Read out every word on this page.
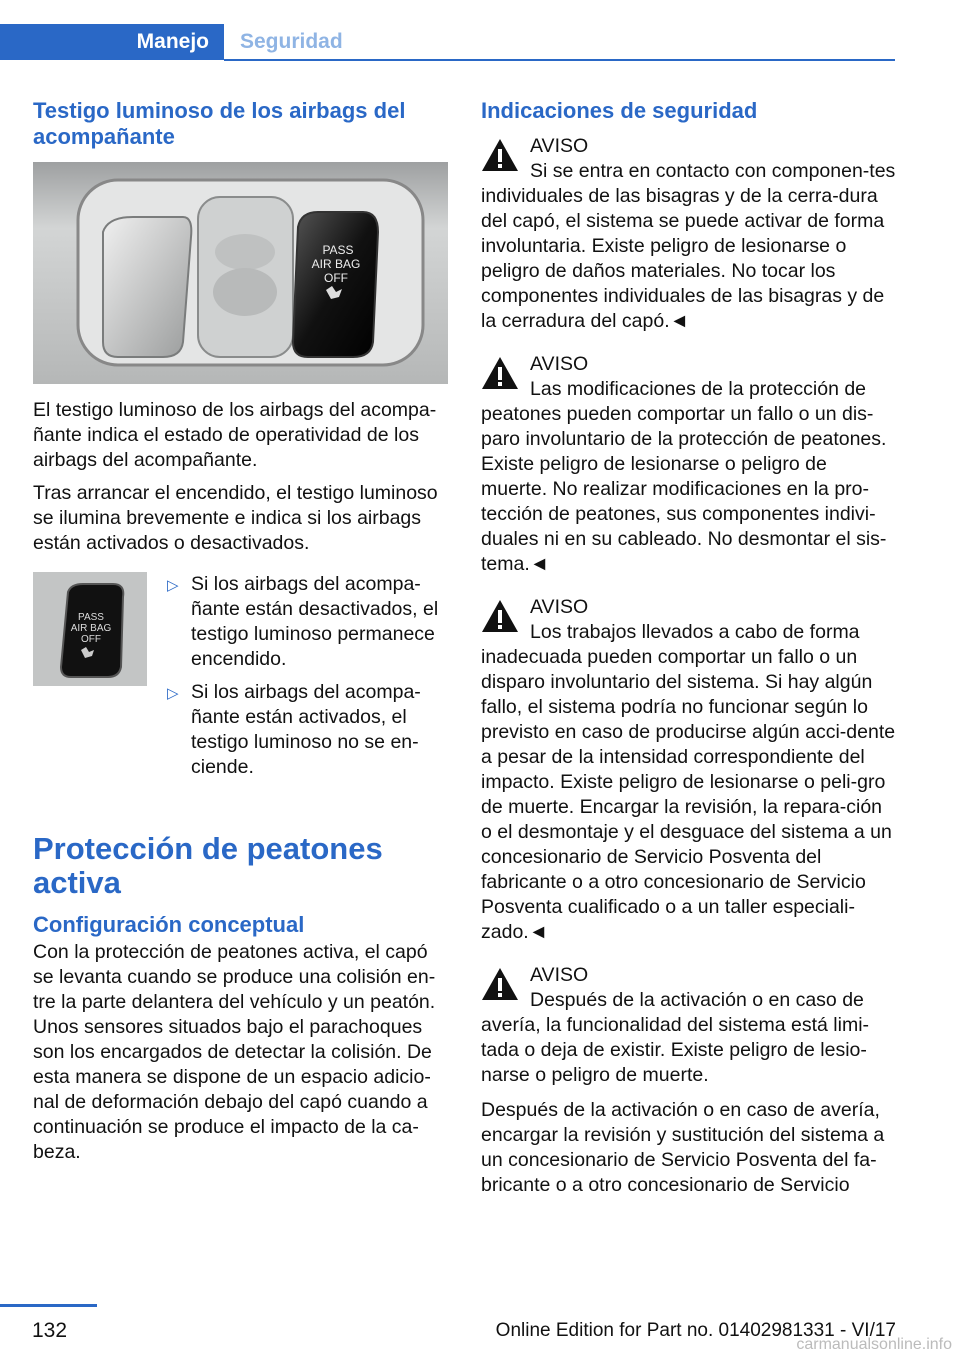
Manejo	Seguridad
Testigo luminoso de los airbags del acompañante
PASS
AIR BAG
OFF

El testigo luminoso de los airbags del acompa‐ñante indica el estado de operatividad de los airbags del acompañante.

Tras arrancar el encendido, el testigo luminoso se ilumina brevemente e indica si los airbags están activados o desactivados.

PASS
AIR BAG
OFF
▷ Si los airbags del acompa‐ñante están desactivados, el testigo luminoso permanece encendido.
▷ Si los airbags del acompa‐ñante están activados, el testigo luminoso no se en‐ciende.
Protección de peatones activa
Configuración conceptual

Con la protección de peatones activa, el capó se levanta cuando se produce una colisión en‐tre la parte delantera del vehículo y un peatón. Unos sensores situados bajo el parachoques son los encargados de detectar la colisión. De esta manera se dispone de un espacio adicio‐nal de deformación debajo del capó cuando a continuación se produce el impacto de la ca‐beza.

Indicaciones de seguridad
AVISO

Si se entra en contacto con componen‐tes individuales de las bisagras y de la cerra‐dura del capó, el sistema se puede activar de forma involuntaria. Existe peligro de lesionarse o peligro de daños materiales. No tocar los componentes individuales de las bisagras y de la cerradura del capó.◄

AVISO

Las modificaciones de la protección de peatones pueden comportar un fallo o un dis‐paro involuntario de la protección de peatones. Existe peligro de lesionarse o peligro de muerte. No realizar modificaciones en la pro‐tección de peatones, sus componentes indivi‐duales ni en su cableado. No desmontar el sis‐tema.◄

AVISO

Los trabajos llevados a cabo de forma inadecuada pueden comportar un fallo o un disparo involuntario del sistema. Si hay algún fallo, el sistema podría no funcionar según lo previsto en caso de producirse algún acci‐dente a pesar de la intensidad correspondiente del impacto. Existe peligro de lesionarse o peli‐gro de muerte. Encargar la revisión, la repara‐ción o el desmontaje y el desguace del sistema a un concesionario de Servicio Posventa del fabricante o a otro concesionario de Servicio Posventa cualificado o a un taller especiali‐zado.◄

AVISO

Después de la activación o en caso de avería, la funcionalidad del sistema está limi‐tada o deja de existir. Existe peligro de lesio‐narse o peligro de muerte.

Después de la activación o en caso de avería, encargar la revisión y sustitución del sistema a un concesionario de Servicio Posventa del fa‐bricante o a otro concesionario de Servicio

132	Online Edition for Part no. 01402981331 - VI/17
carmanualsonline.info
